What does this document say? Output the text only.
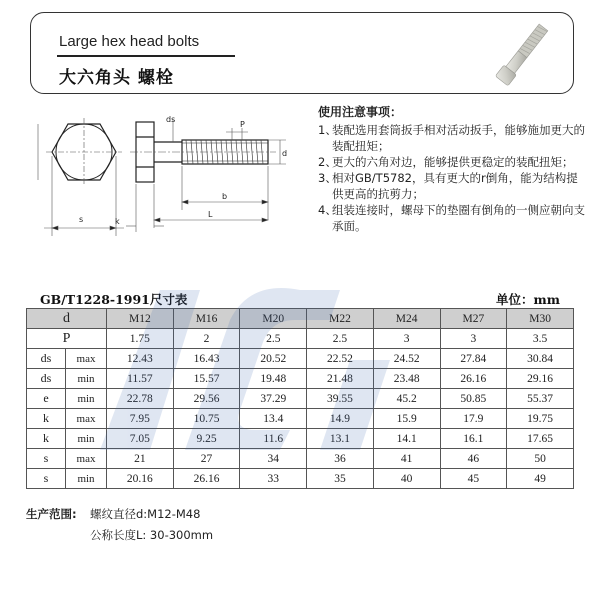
Large hex head bolts
大六角头 螺栓
s
ds
P
d
b
L
k
使用注意事项：
1、
装配选用套筒扳手相对活动扳手，能够施加更大的装配扭矩；
2、
更大的六角对边，能够提供更稳定的装配扭矩；
3、
相对GB/T5782，具有更大的r倒角，能为结构提供更高的抗剪力；
4、
组装连接时，螺母下的垫圈有倒角的一侧应朝向支承面。
GB/T1228-1991尺寸表	单位：mm
d		M12	M16	M20	M22	M24	M27	M30
P		1.75	2	2.5	2.5	3	3	3.5
ds	max	12.43	16.43	20.52	22.52	24.52	27.84	30.84
ds	min	11.57	15.57	19.48	21.48	23.48	26.16	29.16
e	min	22.78	29.56	37.29	39.55	45.2	50.85	55.37
k	max	7.95	10.75	13.4	14.9	15.9	17.9	19.75
k	min	7.05	9.25	11.6	13.1	14.1	16.1	17.65
s	max	21	27	34	36	41	46	50
s	min	20.16	26.16	33	35	40	45	49
生产范围: 螺纹直径d:M12-M48
公称长度L: 30-300mm
